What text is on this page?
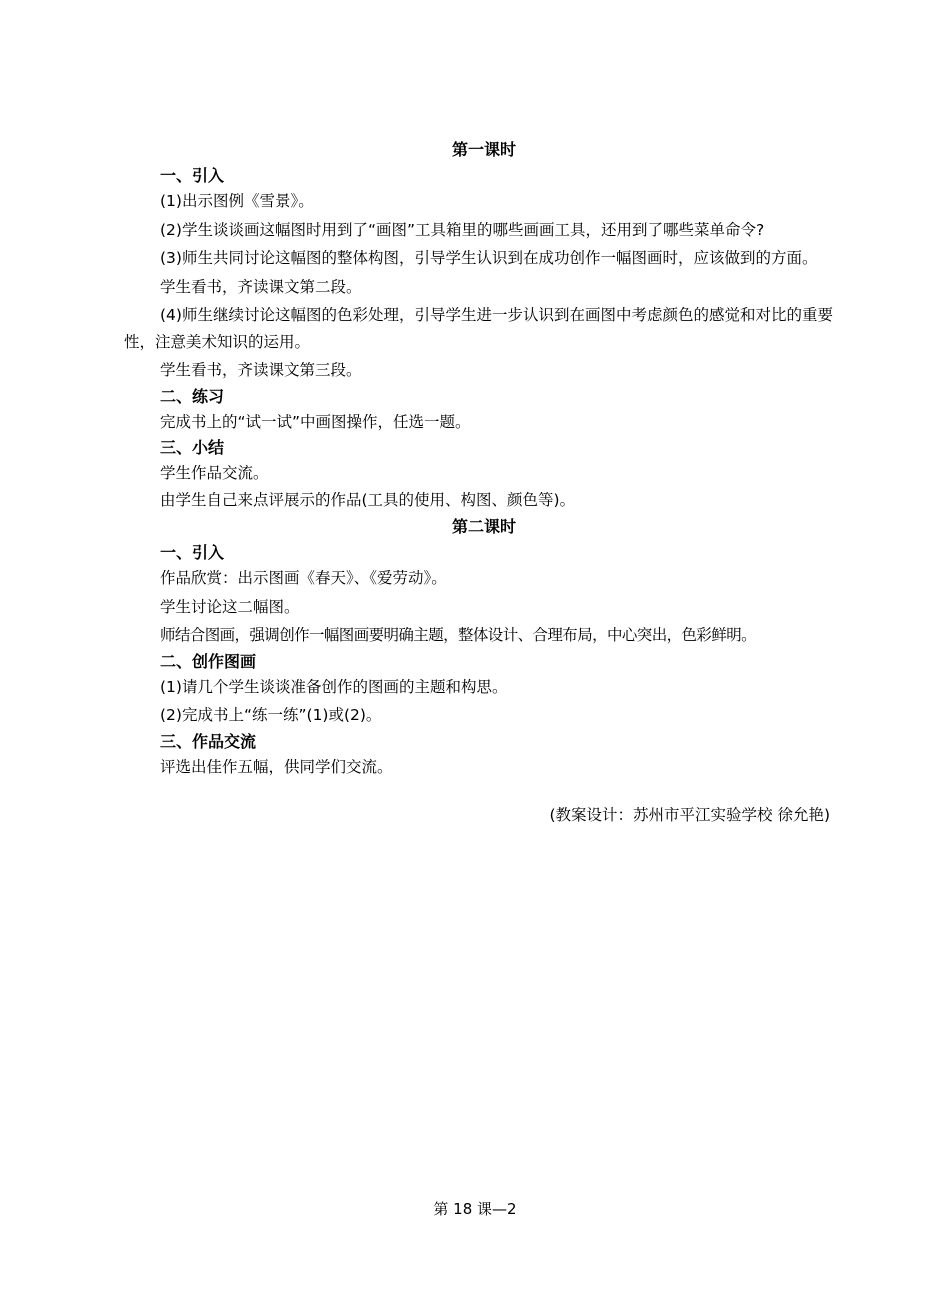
第一课时
一、引入

(1)出示图例《雪景》。

(2)学生谈谈画这幅图时用到了“画图”工具箱里的哪些画画工具，还用到了哪些菜单命令?

(3)师生共同讨论这幅图的整体构图，引导学生认识到在成功创作一幅图画时，应该做到的方面。

学生看书，齐读课文第二段。

(4)师生继续讨论这幅图的色彩处理，引导学生进一步认识到在画图中考虑颜色的感觉和对比的重要性，注意美术知识的运用。

学生看书，齐读课文第三段。

二、练习

完成书上的“试一试”中画图操作，任选一题。

三、小结

学生作品交流。

由学生自己来点评展示的作品(工具的使用、构图、颜色等)。

第二课时
一、引入

作品欣赏：出示图画《春天》、《爱劳动》。

学生讨论这二幅图。

师结合图画，强调创作一幅图画要明确主题，整体设计、合理布局，中心突出，色彩鲜明。

二、创作图画

(1)请几个学生谈谈准备创作的图画的主题和构思。

(2)完成书上“练一练”(1)或(2)。

三、作品交流

评选出佳作五幅，供同学们交流。

(教案设计：苏州市平江实验学校 徐允艳)
第 18 课—2
